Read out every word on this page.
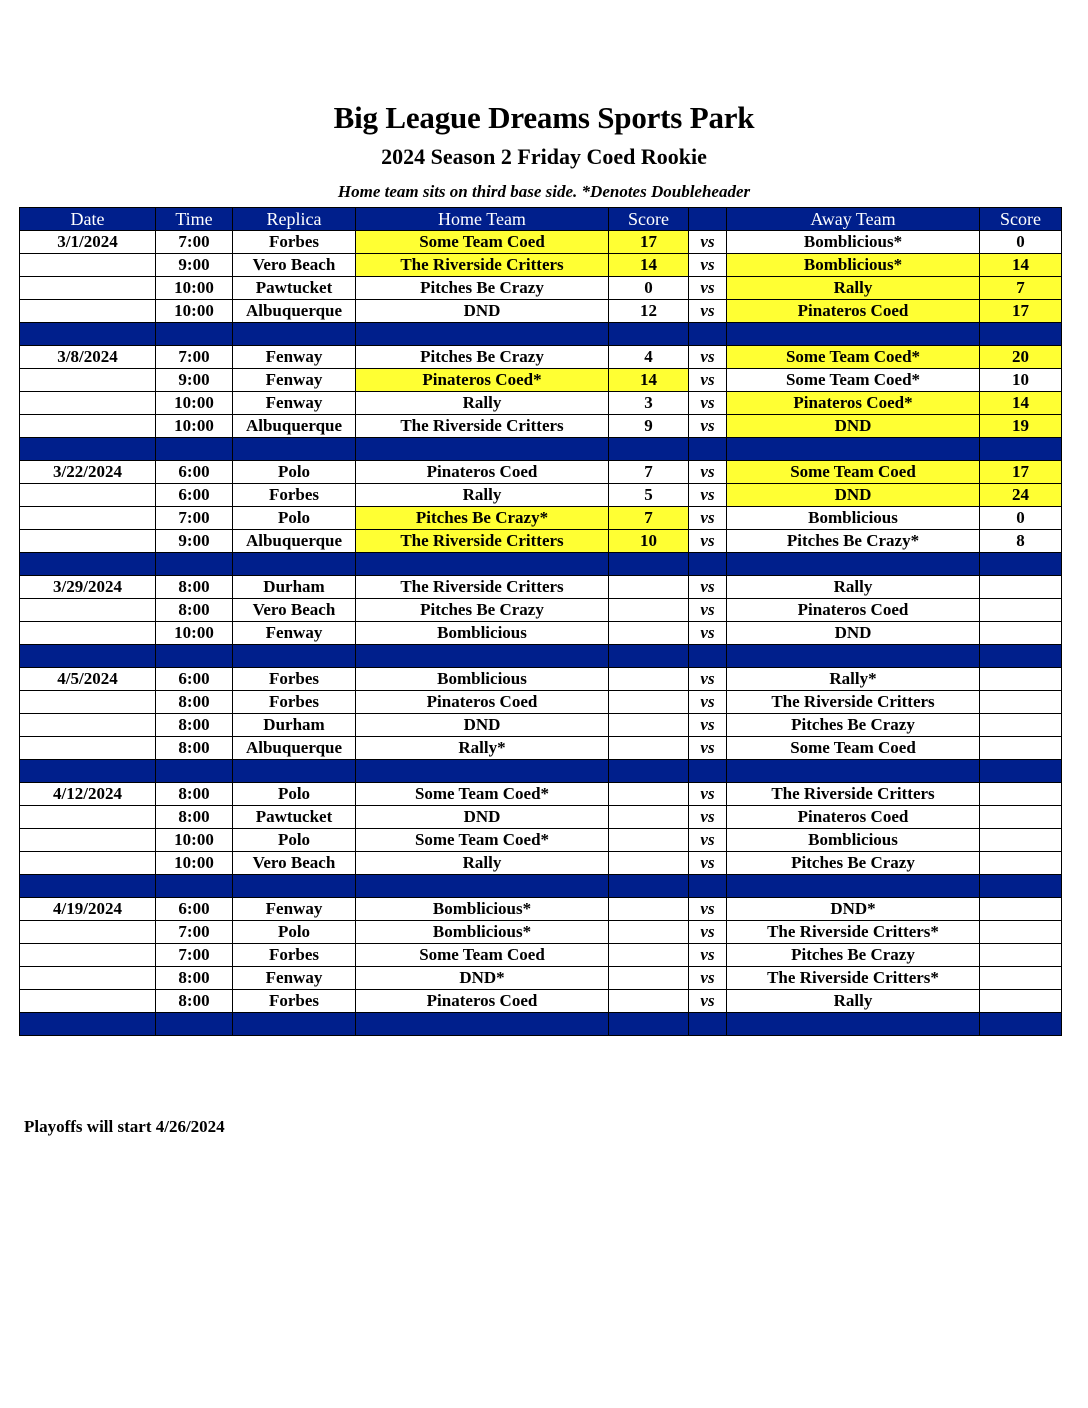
Big League Dreams Sports Park
2024 Season 2 Friday Coed Rookie
Home team sits on third base side. *Denotes Doubleheader
Date	Time	Replica	Home Team	Score		Away Team	Score
3/1/2024	7:00	Forbes	Some Team Coed	17	vs	Bomblicious*	0
	9:00	Vero Beach	The Riverside Critters	14	vs	Bomblicious*	14
	10:00	Pawtucket	Pitches Be Crazy	0	vs	Rally	7
	10:00	Albuquerque	DND	12	vs	Pinateros Coed	17

3/8/2024	7:00	Fenway	Pitches Be Crazy	4	vs	Some Team Coed*	20
	9:00	Fenway	Pinateros Coed*	14	vs	Some Team Coed*	10
	10:00	Fenway	Rally	3	vs	Pinateros Coed*	14
	10:00	Albuquerque	The Riverside Critters	9	vs	DND	19

3/22/2024	6:00	Polo	Pinateros Coed	7	vs	Some Team Coed	17
	6:00	Forbes	Rally	5	vs	DND	24
	7:00	Polo	Pitches Be Crazy*	7	vs	Bomblicious	0
	9:00	Albuquerque	The Riverside Critters	10	vs	Pitches Be Crazy*	8

3/29/2024	8:00	Durham	The Riverside Critters		vs	Rally	
	8:00	Vero Beach	Pitches Be Crazy		vs	Pinateros Coed	
	10:00	Fenway	Bomblicious		vs	DND	

4/5/2024	6:00	Forbes	Bomblicious		vs	Rally*	
	8:00	Forbes	Pinateros Coed		vs	The Riverside Critters	
	8:00	Durham	DND		vs	Pitches Be Crazy	
	8:00	Albuquerque	Rally*		vs	Some Team Coed	

4/12/2024	8:00	Polo	Some Team Coed*		vs	The Riverside Critters	
	8:00	Pawtucket	DND		vs	Pinateros Coed	
	10:00	Polo	Some Team Coed*		vs	Bomblicious	
	10:00	Vero Beach	Rally		vs	Pitches Be Crazy	

4/19/2024	6:00	Fenway	Bomblicious*		vs	DND*	
	7:00	Polo	Bomblicious*		vs	The Riverside Critters*	
	7:00	Forbes	Some Team Coed		vs	Pitches Be Crazy	
	8:00	Fenway	DND*		vs	The Riverside Critters*	
	8:00	Forbes	Pinateros Coed		vs	Rally	

Playoffs will start 4/26/2024
